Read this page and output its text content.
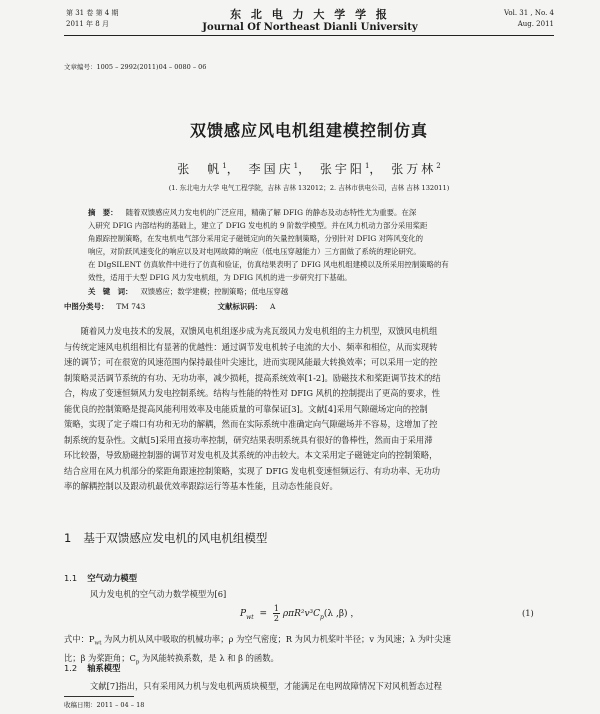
第 31 卷 第 4 期
2011 年 8 月
东 北 电 力 大 学 学 报
Journal Of Northeast Dianli University
Vol. 31 , No. 4
Aug. 2011
文章编号：1005 – 2992(2011)04 – 0080 – 06
双馈感应风电机组建模控制仿真
张　帆$^1$， 李国庆$^1$， 张宇阳$^1$， 张万林$^2$
(1. 东北电力大学 电气工程学院，吉林 吉林 132012；2. 吉林市供电公司，吉林 吉林 132011)
摘　要： 随着双馈感应风力发电机的广泛应用，精确了解 DFIG 的静态及动态特性尤为重要。在深
入研究 DFIG 内部结构的基础上，建立了 DFIG 发电机的 9 阶数学模型。并在风力机动力部分采用桨距
角跟踪控制策略，在发电机电气部分采用定子磁链定向的矢量控制策略，分别针对 DFIG 对阵风变化的
响应，对阶跃风速变化的响应以及对电网故障的响应（低电压穿越能力）三方面做了系统的理论研究。
在 DIgSILENT 仿真软件中进行了仿真和验证，仿真结果表明了 DFIG 风电机组建模以及所采用控制策略的有
效性，适用于大型 DFIG 风力发电机组，为 DFIG 风机的进一步研究打下基础。
关　键　词： 双馈感应；数学建模；控制策略；低电压穿越
中图分类号： TM 743	文献标识码： A
随着风力发电技术的发展，双馈风电机组逐步成为兆瓦级风力发电机组的主力机型，双馈风电机组
与传统定速风电机组相比有显著的优越性：通过调节发电机转子电流的大小、频率和相位，从而实现转
速的调节；可在很宽的风速范围内保持最佳叶尖速比，进而实现风能最大转换效率；可以采用一定的控
制策略灵活调节系统的有功、无功功率，减少损耗，提高系统效率[1-2]。励磁技术和桨距调节技术的结
合，构成了变速恒频风力发电控制系统。结构与性能的特性对 DFIG 风机的控制提出了更高的要求，性
能优良的控制策略是提高风能利用效率及电能质量的可靠保证[3]。文献[4]采用气隙磁场定向的控制
策略，实现了定子端口有功和无功的解耦，然而在实际系统中准确定向气隙磁场并不容易，这增加了控
制系统的复杂性。文献[5]采用直接功率控制，研究结果表明系统具有很好的鲁棒性，然而由于采用滞
环比较器，导致励磁控制器的调节对发电机及其系统的冲击较大。本文采用定子磁链定向的控制策略，
结合应用在风力机部分的桨距角跟速控制策略，实现了 DFIG 发电机变速恒频运行、有功功率、无功功
率的解耦控制以及跟动机最优效率跟踪运行等基本性能，且动态性能良好。
1 基于双馈感应发电机的风电机组模型
1.1 空气动力模型
风力发电机的空气动力数学模型为[6]
$P_{wt} = \frac{1}{2} \rho\pi R^2v^3C_p(\lambda$ ,β) ，	(1)
式中：$P_{wt}$ 为风力机从风中吸取的机械功率；ρ 为空气密度；R 为风力机桨叶半径；v 为风速；λ 为叶尖速
比；β 为桨距角；$C_p$ 为风能转换系数，是 λ 和 β 的函数。
1.2 轴系模型
文献[7]指出，只有采用风力机与发电机两质块模型，才能满足在电网故障情况下对风机暂态过程
收稿日期：2011 – 04 – 18
